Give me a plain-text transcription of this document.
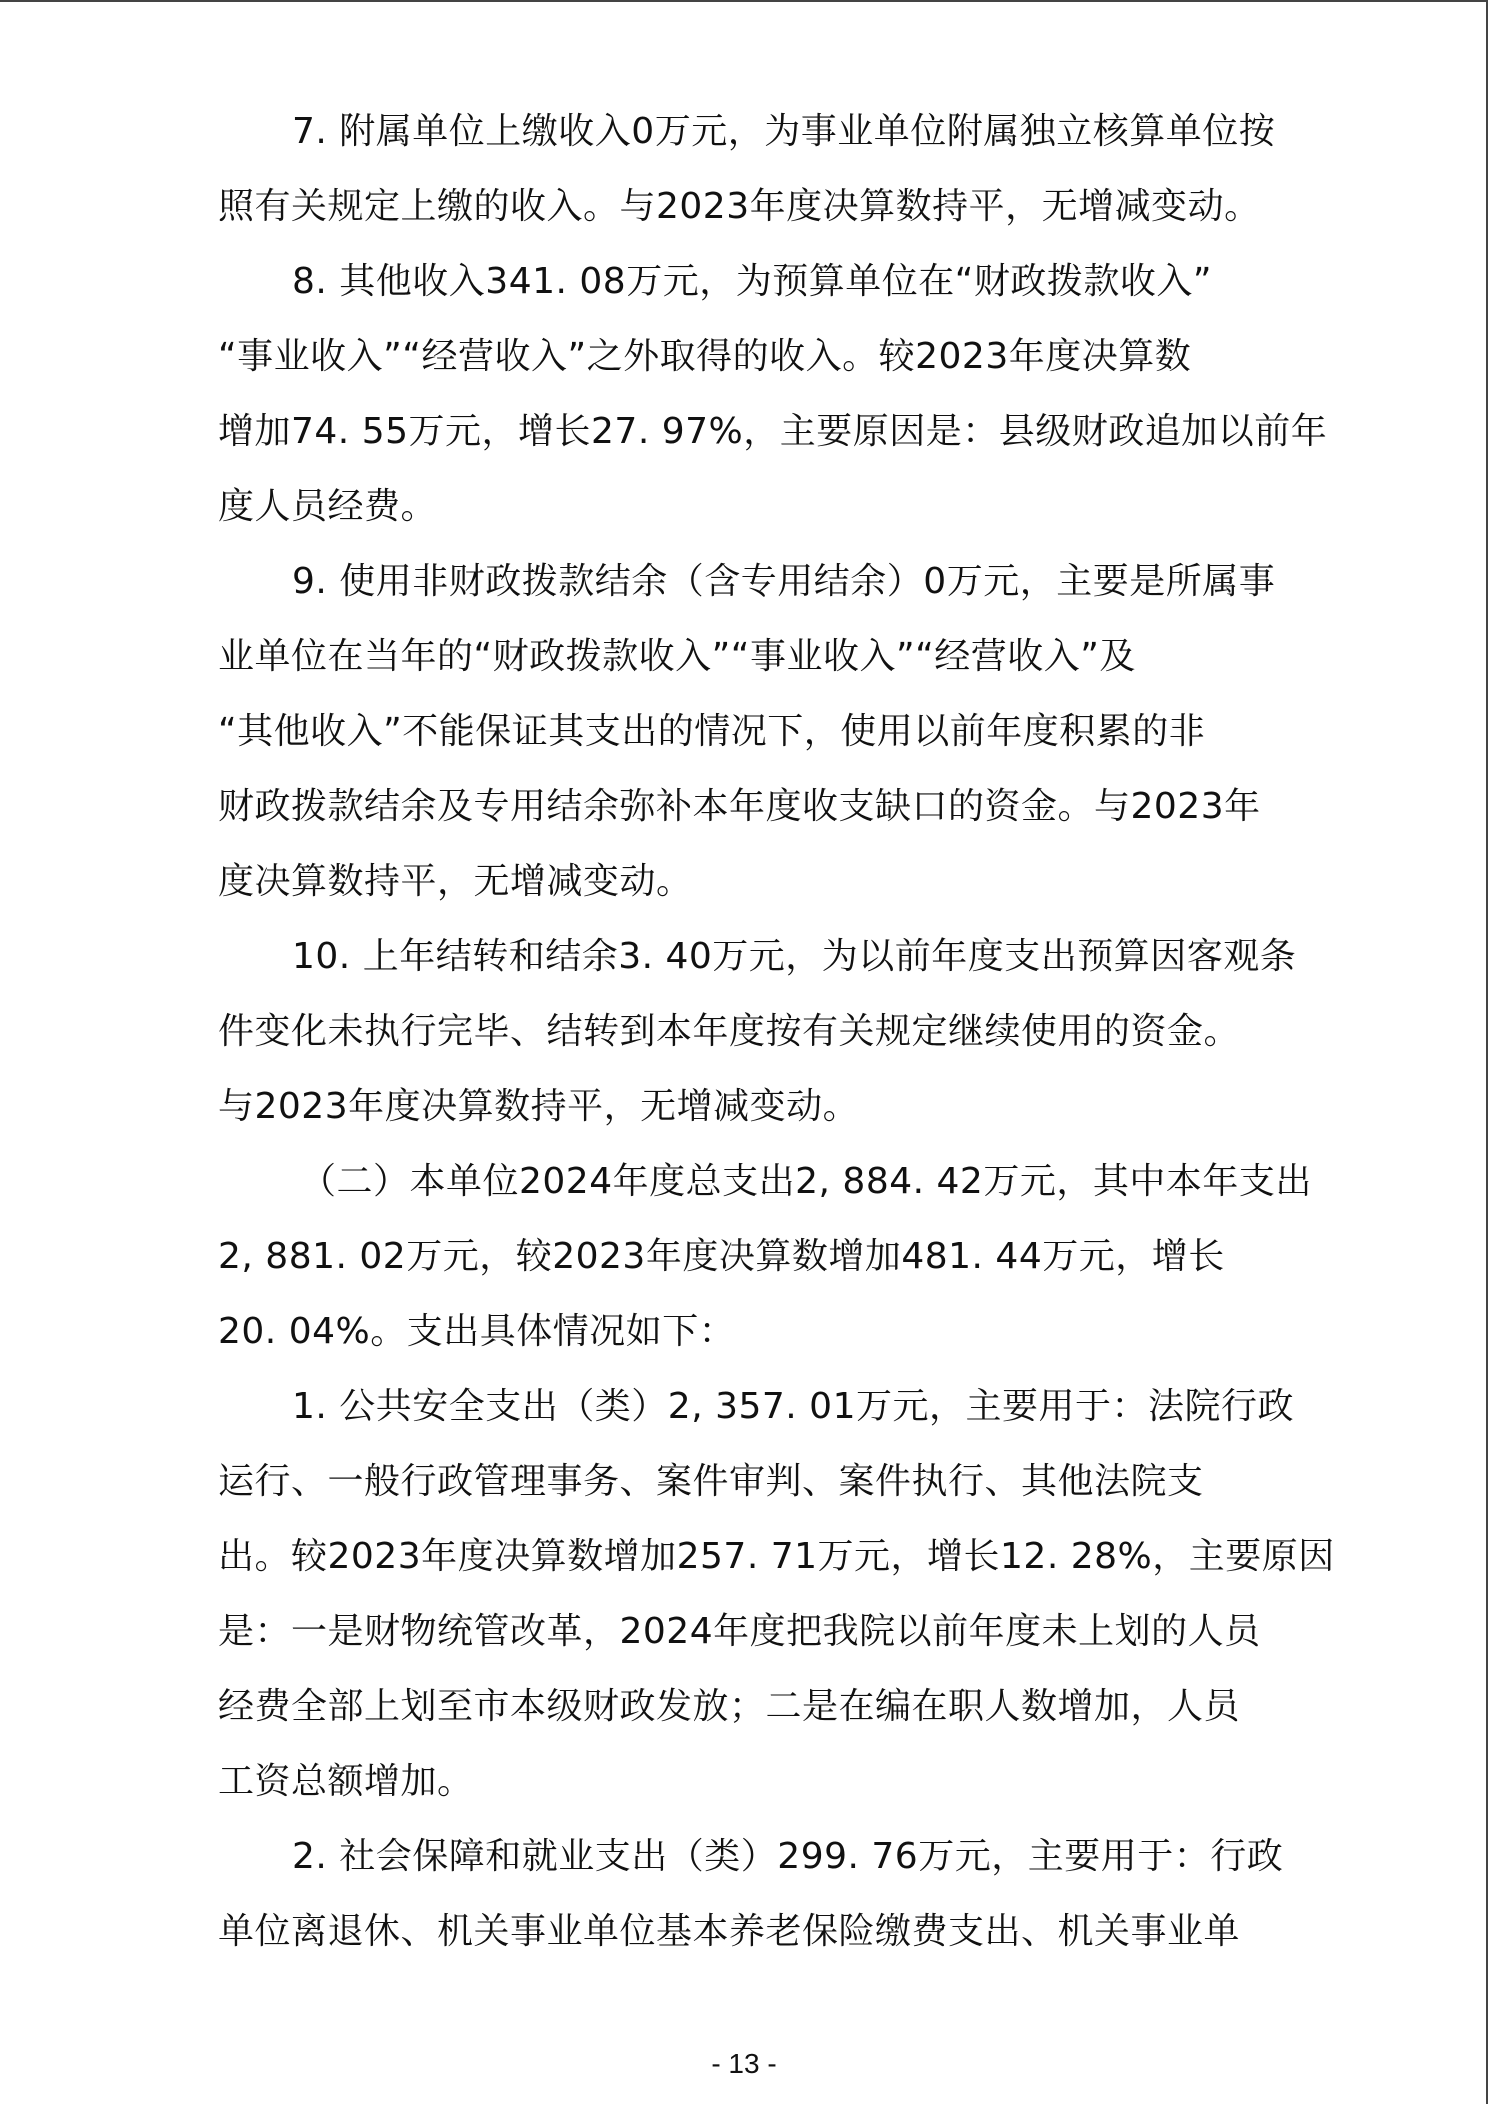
7. 附属单位上缴收入0万元，为事业单位附属独立核算单位按
照有关规定上缴的收入。与2023年度决算数持平，无增减变动。
8. 其他收入341. 08万元，为预算单位在“财政拨款收入”
“事业收入”“经营收入”之外取得的收入。较2023年度决算数
增加74. 55万元，增长27. 97%，主要原因是：县级财政追加以前年
度人员经费。
9. 使用非财政拨款结余（含专用结余）0万元，主要是所属事
业单位在当年的“财政拨款收入”“事业收入”“经营收入”及
“其他收入”不能保证其支出的情况下，使用以前年度积累的非
财政拨款结余及专用结余弥补本年度收支缺口的资金。与2023年
度决算数持平，无增减变动。
10. 上年结转和结余3. 40万元，为以前年度支出预算因客观条
件变化未执行完毕、结转到本年度按有关规定继续使用的资金。
与2023年度决算数持平，无增减变动。
（二）本单位2024年度总支出2, 884. 42万元，其中本年支出
2, 881. 02万元，较2023年度决算数增加481. 44万元，增长
20. 04%。支出具体情况如下：
1. 公共安全支出（类）2, 357. 01万元，主要用于：法院行政
运行、一般行政管理事务、案件审判、案件执行、其他法院支
出。较2023年度决算数增加257. 71万元，增长12. 28%，主要原因
是：一是财物统管改革，2024年度把我院以前年度未上划的人员
经费全部上划至市本级财政发放；二是在编在职人数增加，人员
工资总额增加。
2. 社会保障和就业支出（类）299. 76万元，主要用于：行政
单位离退休、机关事业单位基本养老保险缴费支出、机关事业单
- 13 -
